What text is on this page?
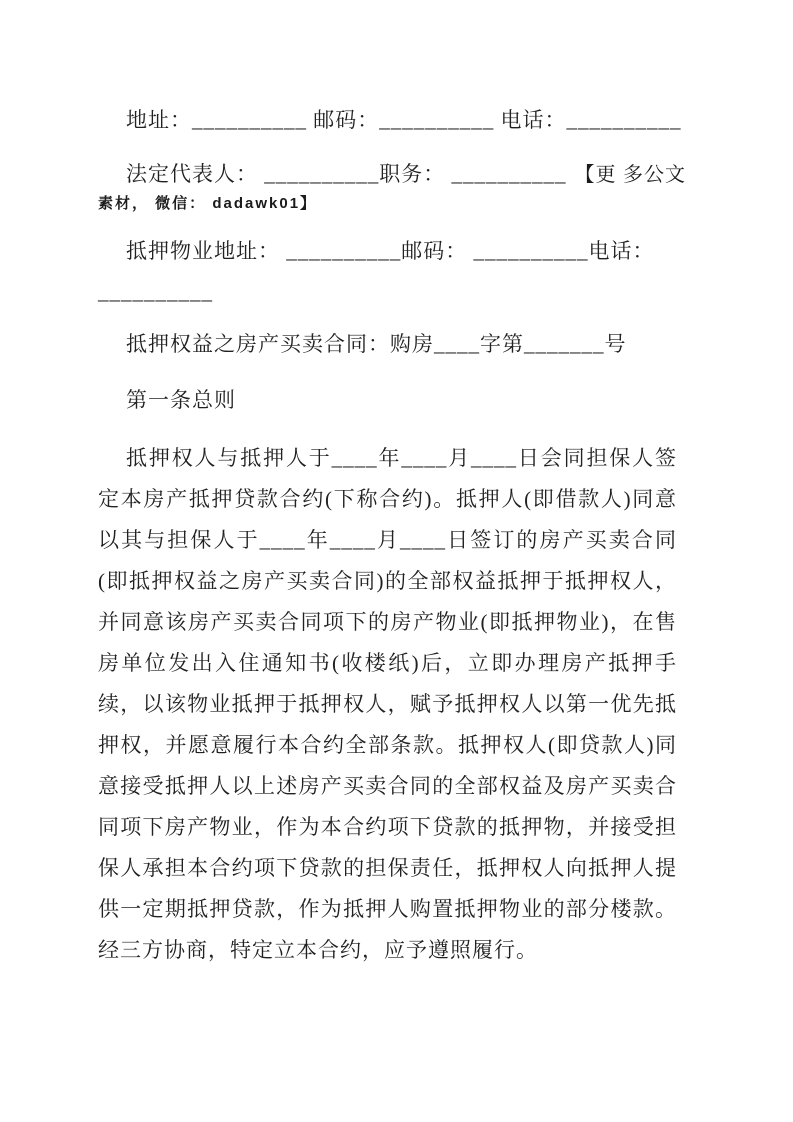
地址：__________ 邮码：__________ 电话：__________

法定代表人： __________职务： __________ 【更 多公文

素材， 微信： dadawk01】

抵押物业地址： __________邮码： __________电话：

__________

抵押权益之房产买卖合同：购房____字第_______号

第一条总则

抵押权人与抵押人于____年____月____日会同担保人签定本房产抵押贷款合约(下称合约)。抵押人(即借款人)同意以其与担保人于____年____月____日签订的房产买卖合同(即抵押权益之房产买卖合同)的全部权益抵押于抵押权人，并同意该房产买卖合同项下的房产物业(即抵押物业)，在售房单位发出入住通知书(收楼纸)后，立即办理房产抵押手续，以该物业抵押于抵押权人，赋予抵押权人以第一优先抵押权，并愿意履行本合约全部条款。抵押权人(即贷款人)同意接受抵押人以上述房产买卖合同的全部权益及房产买卖合同项下房产物业，作为本合约项下贷款的抵押物，并接受担保人承担本合约项下贷款的担保责任，抵押权人向抵押人提供一定期抵押贷款，作为抵押人购置抵押物业的部分楼款。经三方协商，特定立本合约，应予遵照履行。
